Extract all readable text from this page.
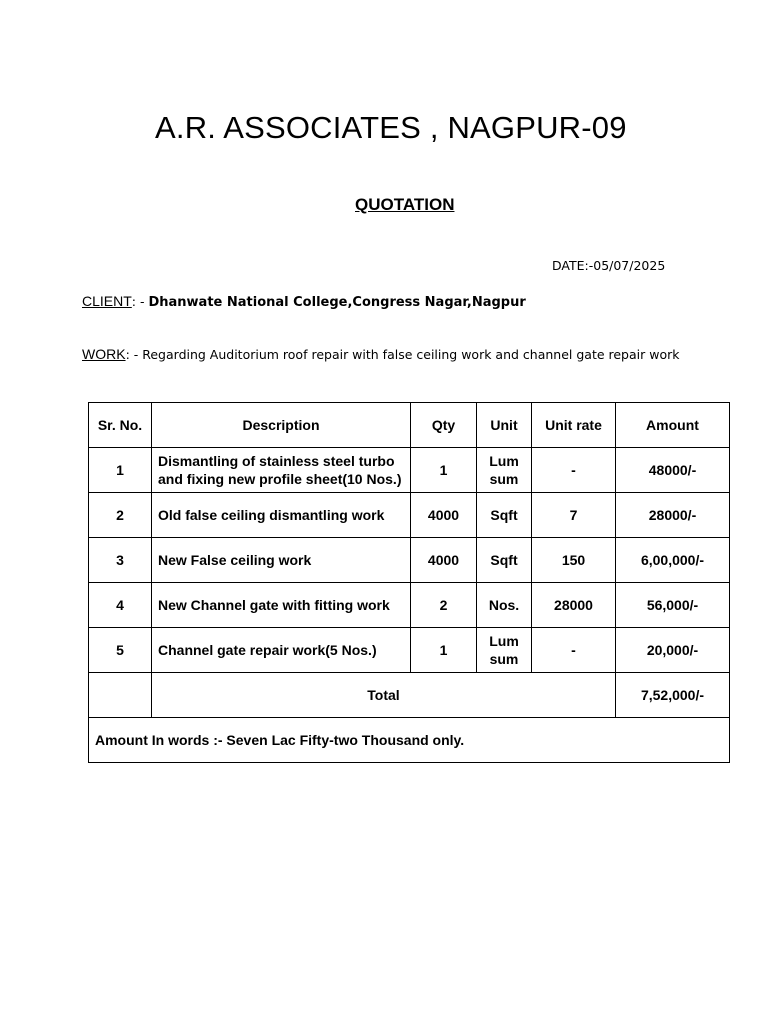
A.R. ASSOCIATES , NAGPUR-09
QUOTATION
DATE:-05/07/2025
CLIENT: - Dhanwate National College,Congress Nagar,Nagpur
WORK: - Regarding Auditorium roof repair with false ceiling work and channel gate repair work
Sr. No.	Description	Qty	Unit	Unit rate	Amount
1	Dismantling of stainless steel turbo and fixing new profile sheet(10 Nos.)	1	Lum sum	-	48000/-
2	Old false ceiling dismantling work	4000	Sqft	7	28000/-
3	New False ceiling work	4000	Sqft	150	6,00,000/-
4	New Channel gate with fitting work	2	Nos.	28000	56,000/-
5	Channel gate repair work(5 Nos.)	1	Lum sum	-	20,000/-
	Total				7,52,000/-
Amount In words :- Seven Lac Fifty-two Thousand only.					
